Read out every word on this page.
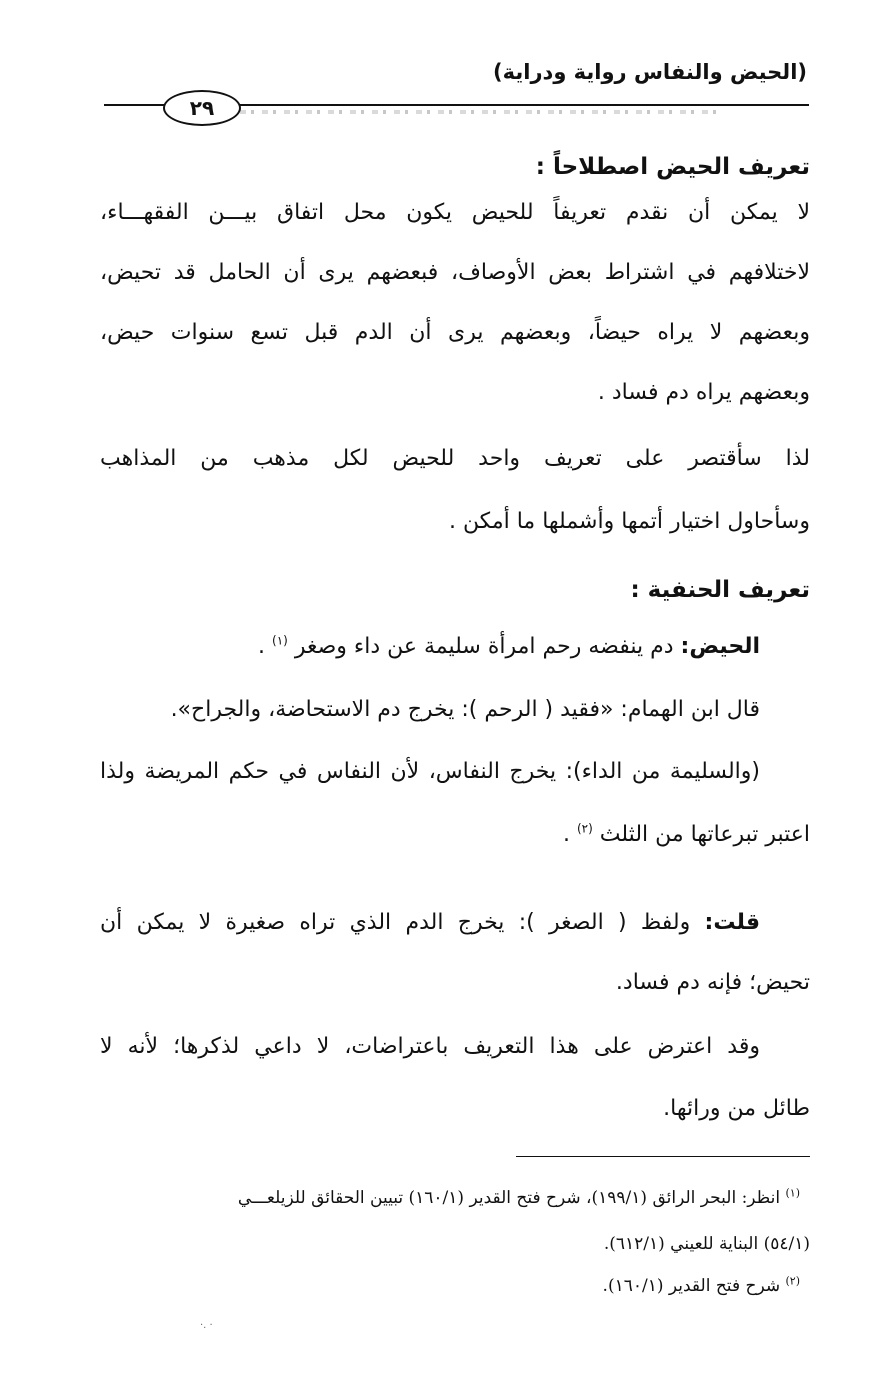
(الحيض والنفاس رواية ودراية)
٢٩
تعريف الحيض اصطلاحاً :
لا يمكن أن نقدم تعريفاً للحيض يكون محل اتفاق بيـــن الفقهـــاء،
لاختلافهم في اشتراط بعض الأوصاف، فبعضهم يرى أن الحامل قد تحيض،
وبعضهم لا يراه حيضاً، وبعضهم يرى أن الدم قبل تسع سنوات حيض،
وبعضهم يراه دم فساد .
لذا سأقتصر على تعريف واحد للحيض لكل مذهب من المذاهب
وسأحاول اختيار أتمها وأشملها ما أمكن .
تعريف الحنفية :
الحيض: دم ينفضه رحم امرأة سليمة عن داء وصغر $^{(١)}$ .
قال ابن الهمام: «فقيد ( الرحم ): يخرج دم الاستحاضة، والجراح».
(والسليمة من الداء): يخرج النفاس، لأن النفاس في حكم المريضة ولذا
اعتبر تبرعاتها من الثلث $^{(٢)}$ .
قلت: ولفظ ( الصغر ): يخرج الدم الذي تراه صغيرة لا يمكن أن
تحيض؛ فإنه دم فساد.
وقد اعترض على هذا التعريف باعتراضات، لا داعي لذكرها؛ لأنه لا
طائل من ورائها.
$^{(١)}$ انظر: البحر الرائق (١٩٩/١)، شرح فتح القدير (١٦٠/١) تبيين الحقائق للزيلعـــي
(٥٤/١) البناية للعيني (٦١٢/١).
$^{(٢)}$ شرح فتح القدير (١٦٠/١).
· .·
